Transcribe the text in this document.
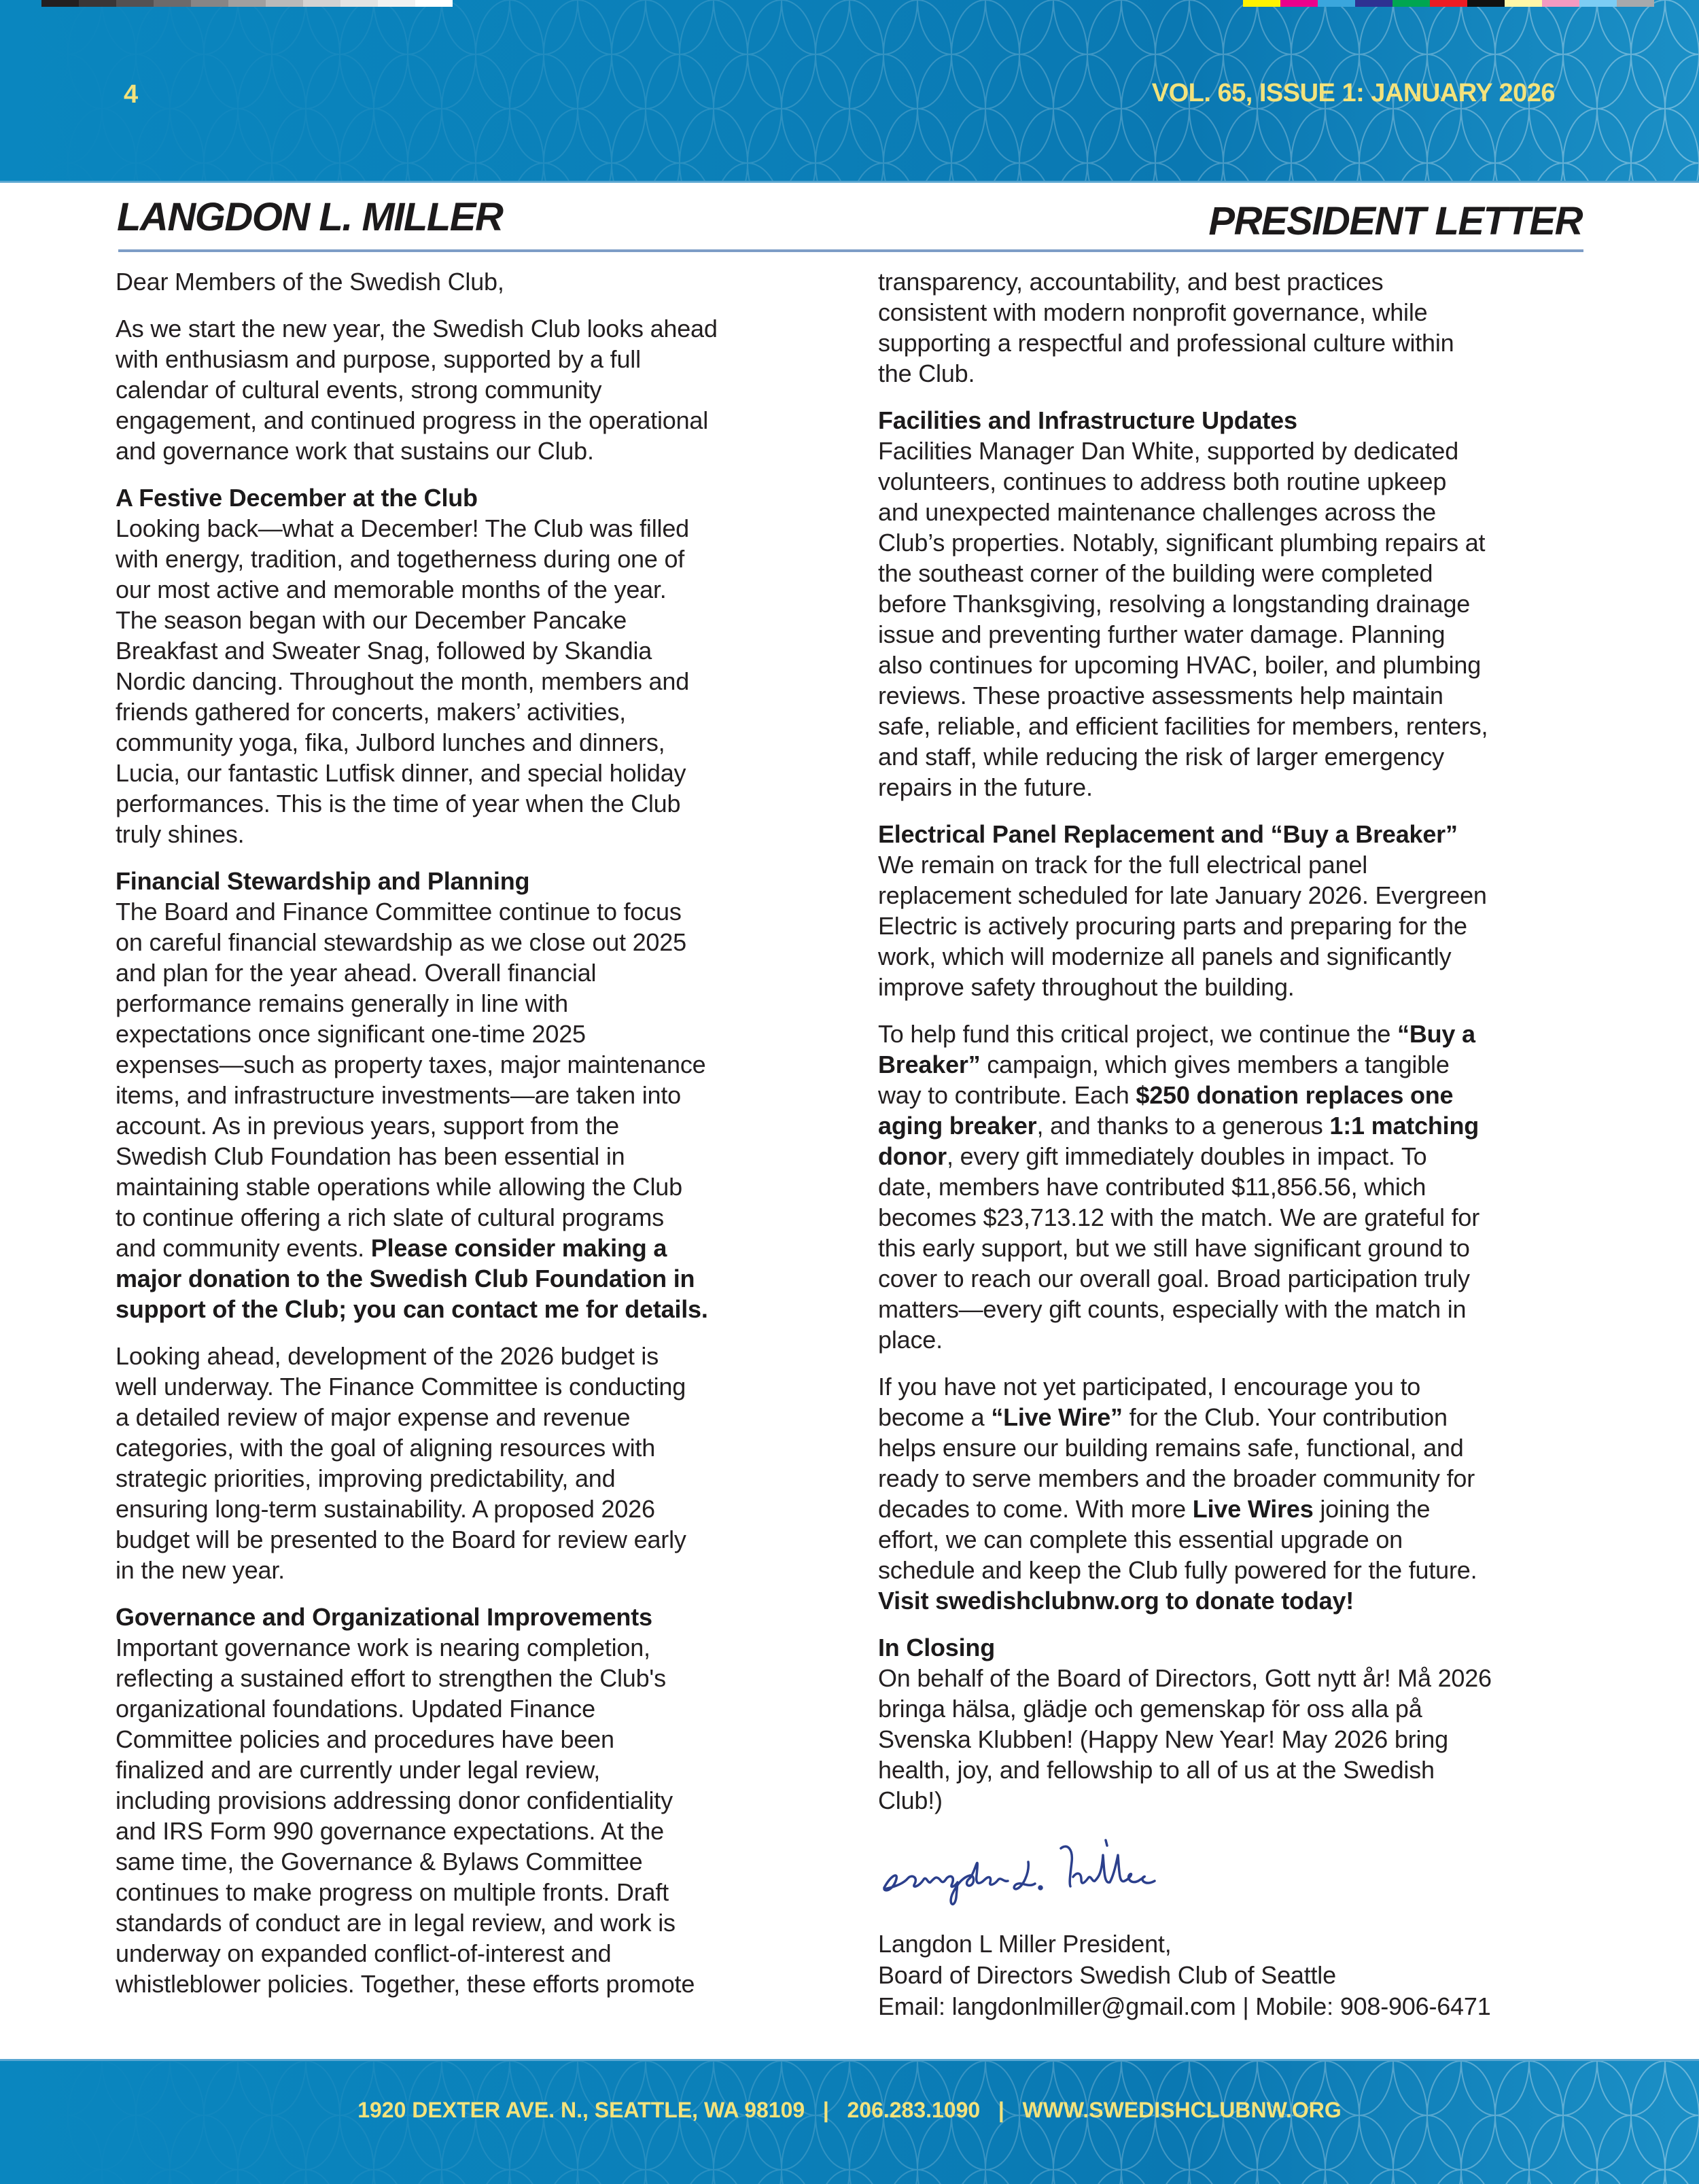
4	VOL. 65, ISSUE 1: JANUARY 2026
LANGDON L. MILLER	PRESIDENT LETTER
Dear Members of the Swedish Club,
As we start the new year, the Swedish Club looks ahead
with enthusiasm and purpose, supported by a full
calendar of cultural events, strong community
engagement, and continued progress in the operational
and governance work that sustains our Club.
A Festive December at the Club
Looking back—what a December! The Club was filled
with energy, tradition, and togetherness during one of
our most active and memorable months of the year.
The season began with our December Pancake
Breakfast and Sweater Snag, followed by Skandia
Nordic dancing. Throughout the month, members and
friends gathered for concerts, makers’ activities,
community yoga, fika, Julbord lunches and dinners,
Lucia, our fantastic Lutfisk dinner, and special holiday
performances. This is the time of year when the Club
truly shines.
Financial Stewardship and Planning
The Board and Finance Committee continue to focus
on careful financial stewardship as we close out 2025
and plan for the year ahead. Overall financial
performance remains generally in line with
expectations once significant one-time 2025
expenses—such as property taxes, major maintenance
items, and infrastructure investments—are taken into
account. As in previous years, support from the
Swedish Club Foundation has been essential in
maintaining stable operations while allowing the Club
to continue offering a rich slate of cultural programs
and community events. Please consider making a
major donation to the Swedish Club Foundation in
support of the Club; you can contact me for details.
Looking ahead, development of the 2026 budget is
well underway. The Finance Committee is conducting
a detailed review of major expense and revenue
categories, with the goal of aligning resources with
strategic priorities, improving predictability, and
ensuring long-term sustainability. A proposed 2026
budget will be presented to the Board for review early
in the new year.
Governance and Organizational Improvements
Important governance work is nearing completion,
reflecting a sustained effort to strengthen the Club's
organizational foundations. Updated Finance
Committee policies and procedures have been
finalized and are currently under legal review,
including provisions addressing donor confidentiality
and IRS Form 990 governance expectations. At the
same time, the Governance & Bylaws Committee
continues to make progress on multiple fronts. Draft
standards of conduct are in legal review, and work is
underway on expanded conflict-of-interest and
whistleblower policies. Together, these efforts promote
transparency, accountability, and best practices
consistent with modern nonprofit governance, while
supporting a respectful and professional culture within
the Club.
Facilities and Infrastructure Updates
Facilities Manager Dan White, supported by dedicated
volunteers, continues to address both routine upkeep
and unexpected maintenance challenges across the
Club’s properties. Notably, significant plumbing repairs at
the southeast corner of the building were completed
before Thanksgiving, resolving a longstanding drainage
issue and preventing further water damage. Planning
also continues for upcoming HVAC, boiler, and plumbing
reviews. These proactive assessments help maintain
safe, reliable, and efficient facilities for members, renters,
and staff, while reducing the risk of larger emergency
repairs in the future.
Electrical Panel Replacement and “Buy a Breaker”
We remain on track for the full electrical panel
replacement scheduled for late January 2026. Evergreen
Electric is actively procuring parts and preparing for the
work, which will modernize all panels and significantly
improve safety throughout the building.
To help fund this critical project, we continue the “Buy a
Breaker” campaign, which gives members a tangible
way to contribute. Each $250 donation replaces one
aging breaker, and thanks to a generous 1:1 matching
donor, every gift immediately doubles in impact. To
date, members have contributed $11,856.56, which
becomes $23,713.12 with the match. We are grateful for
this early support, but we still have significant ground to
cover to reach our overall goal. Broad participation truly
matters—every gift counts, especially with the match in
place.
If you have not yet participated, I encourage you to
become a “Live Wire” for the Club. Your contribution
helps ensure our building remains safe, functional, and
ready to serve members and the broader community for
decades to come. With more Live Wires joining the
effort, we can complete this essential upgrade on
schedule and keep the Club fully powered for the future.
Visit swedishclubnw.org to donate today!
In Closing
On behalf of the Board of Directors, Gott nytt år! Må 2026
bringa hälsa, glädje och gemenskap för oss alla på
Svenska Klubben! (Happy New Year! May 2026 bring
health, joy, and fellowship to all of us at the Swedish
Club!)
Langdon L Miller President,
Board of Directors Swedish Club of Seattle
Email: langdonlmiller@gmail.com | Mobile: 908-906-6471
1920 DEXTER AVE. N., SEATTLE, WA 98109 | 206.283.1090 | WWW.SWEDISHCLUBNW.ORG
